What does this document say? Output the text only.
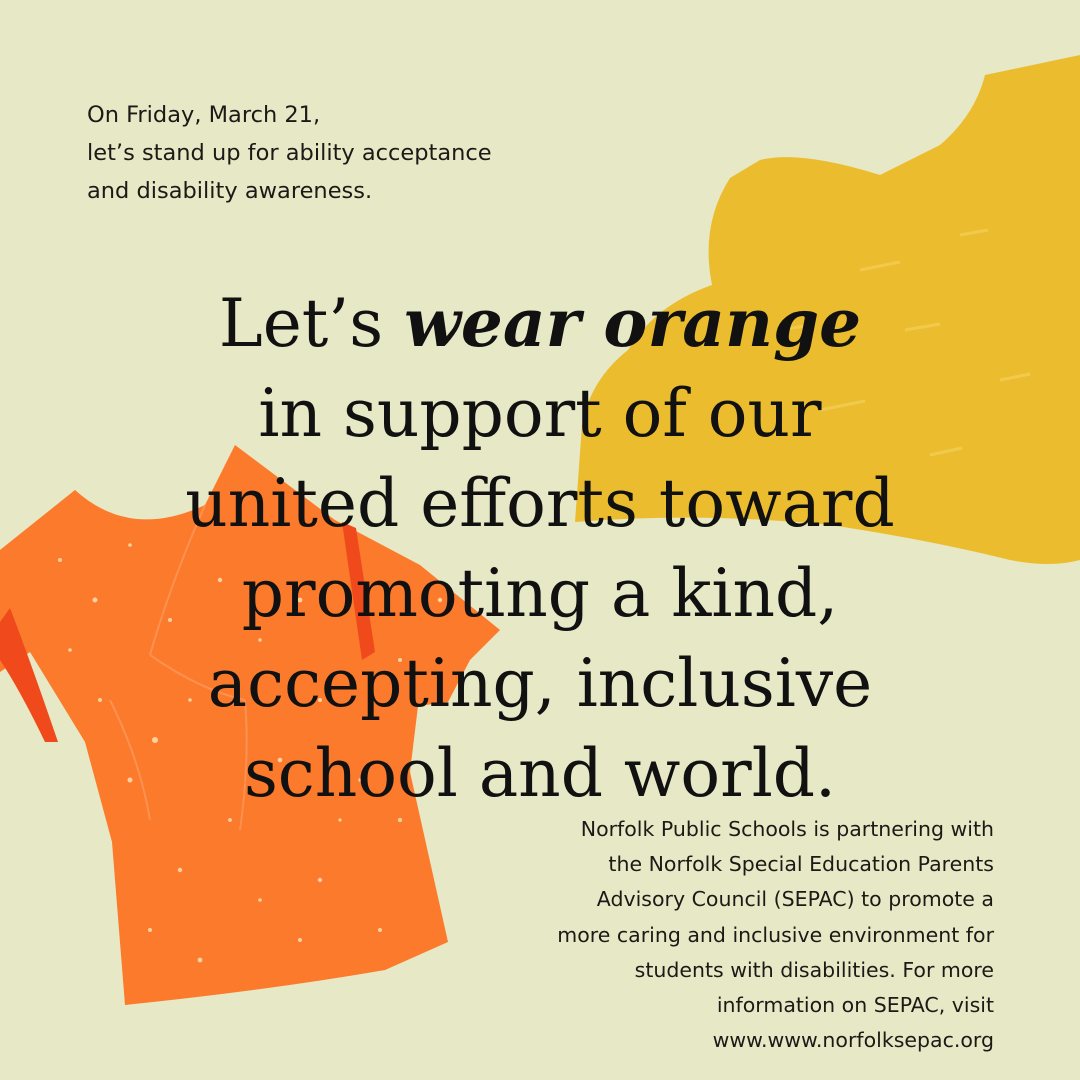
On Friday, March 21,
let’s stand up for ability acceptance
and disability awareness.
Let’s wear orange
in support of our
united efforts toward
promoting a kind,
accepting, inclusive
school and world.
Norfolk Public Schools is partnering with
the Norfolk Special Education Parents
Advisory Council (SEPAC) to promote a
more caring and inclusive environment for
students with disabilities. For more
information on SEPAC, visit
www.www.norfolksepac.org
